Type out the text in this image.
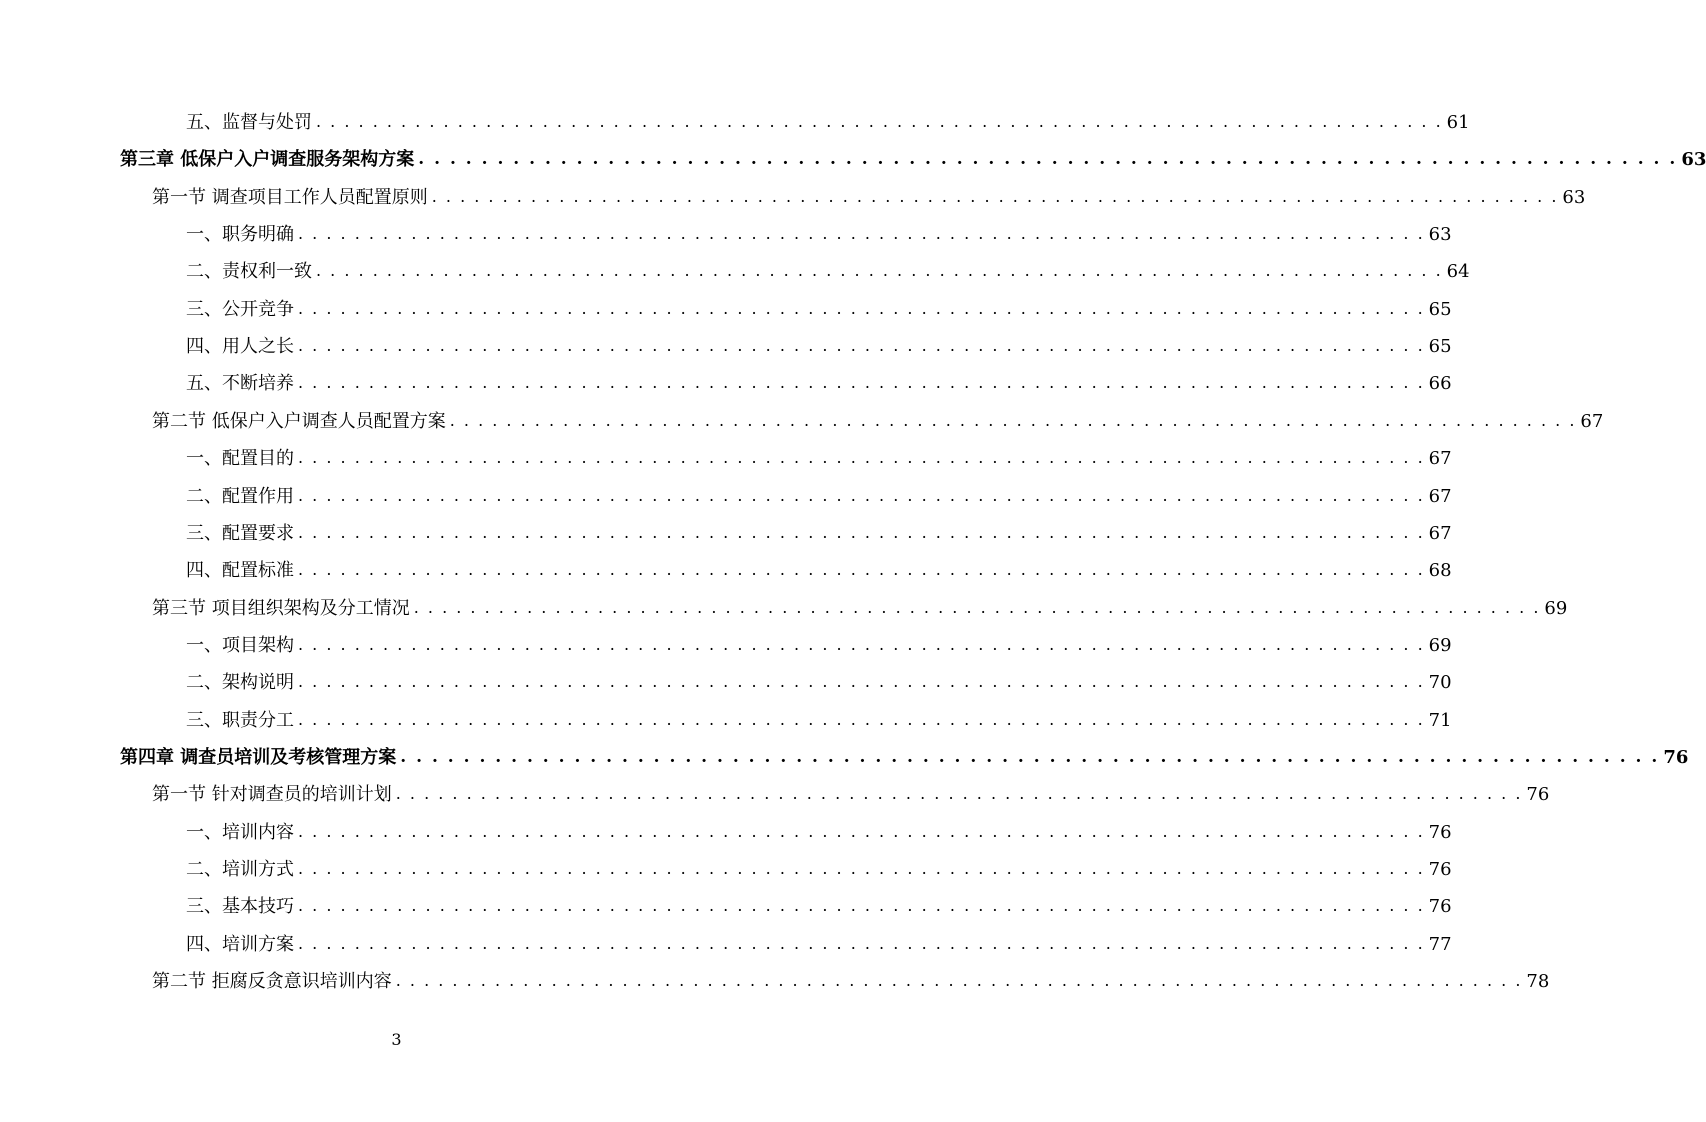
五、监督与处罚 . . . . . . . . . . . . . . . . . . . . . . . . . . . . . . . . . . . . . . . . . . . . . . . . . . . . . . . . . . . . . . . . . . . . . . . . . . . . . . . . 61
第三章 低保户入户调查服务架构方案 . . . . . . . . . . . . . . . . . . . . . . . . . . . . . . . . . . . . . . . . . . . . . . . . . . . . . . . . . . . . . . . . . . . . . . . . . . . . . . . . 63
第一节 调查项目工作人员配置原则 . . . . . . . . . . . . . . . . . . . . . . . . . . . . . . . . . . . . . . . . . . . . . . . . . . . . . . . . . . . . . . . . . . . . . . . . . . . . . . . . 63
一、职务明确 . . . . . . . . . . . . . . . . . . . . . . . . . . . . . . . . . . . . . . . . . . . . . . . . . . . . . . . . . . . . . . . . . . . . . . . . . . . . . . . . 63
二、责权利一致 . . . . . . . . . . . . . . . . . . . . . . . . . . . . . . . . . . . . . . . . . . . . . . . . . . . . . . . . . . . . . . . . . . . . . . . . . . . . . . . . 64
三、公开竞争 . . . . . . . . . . . . . . . . . . . . . . . . . . . . . . . . . . . . . . . . . . . . . . . . . . . . . . . . . . . . . . . . . . . . . . . . . . . . . . . . 65
四、用人之长 . . . . . . . . . . . . . . . . . . . . . . . . . . . . . . . . . . . . . . . . . . . . . . . . . . . . . . . . . . . . . . . . . . . . . . . . . . . . . . . . 65
五、不断培养 . . . . . . . . . . . . . . . . . . . . . . . . . . . . . . . . . . . . . . . . . . . . . . . . . . . . . . . . . . . . . . . . . . . . . . . . . . . . . . . . 66
第二节 低保户入户调查人员配置方案 . . . . . . . . . . . . . . . . . . . . . . . . . . . . . . . . . . . . . . . . . . . . . . . . . . . . . . . . . . . . . . . . . . . . . . . . . . . . . . . . 67
一、配置目的 . . . . . . . . . . . . . . . . . . . . . . . . . . . . . . . . . . . . . . . . . . . . . . . . . . . . . . . . . . . . . . . . . . . . . . . . . . . . . . . . 67
二、配置作用 . . . . . . . . . . . . . . . . . . . . . . . . . . . . . . . . . . . . . . . . . . . . . . . . . . . . . . . . . . . . . . . . . . . . . . . . . . . . . . . . 67
三、配置要求 . . . . . . . . . . . . . . . . . . . . . . . . . . . . . . . . . . . . . . . . . . . . . . . . . . . . . . . . . . . . . . . . . . . . . . . . . . . . . . . . 67
四、配置标准 . . . . . . . . . . . . . . . . . . . . . . . . . . . . . . . . . . . . . . . . . . . . . . . . . . . . . . . . . . . . . . . . . . . . . . . . . . . . . . . . 68
第三节 项目组织架构及分工情况 . . . . . . . . . . . . . . . . . . . . . . . . . . . . . . . . . . . . . . . . . . . . . . . . . . . . . . . . . . . . . . . . . . . . . . . . . . . . . . . . 69
一、项目架构 . . . . . . . . . . . . . . . . . . . . . . . . . . . . . . . . . . . . . . . . . . . . . . . . . . . . . . . . . . . . . . . . . . . . . . . . . . . . . . . . 69
二、架构说明 . . . . . . . . . . . . . . . . . . . . . . . . . . . . . . . . . . . . . . . . . . . . . . . . . . . . . . . . . . . . . . . . . . . . . . . . . . . . . . . . 70
三、职责分工 . . . . . . . . . . . . . . . . . . . . . . . . . . . . . . . . . . . . . . . . . . . . . . . . . . . . . . . . . . . . . . . . . . . . . . . . . . . . . . . . 71
第四章 调查员培训及考核管理方案 . . . . . . . . . . . . . . . . . . . . . . . . . . . . . . . . . . . . . . . . . . . . . . . . . . . . . . . . . . . . . . . . . . . . . . . . . . . . . . . . 76
第一节 针对调查员的培训计划 . . . . . . . . . . . . . . . . . . . . . . . . . . . . . . . . . . . . . . . . . . . . . . . . . . . . . . . . . . . . . . . . . . . . . . . . . . . . . . . . 76
一、培训内容 . . . . . . . . . . . . . . . . . . . . . . . . . . . . . . . . . . . . . . . . . . . . . . . . . . . . . . . . . . . . . . . . . . . . . . . . . . . . . . . . 76
二、培训方式 . . . . . . . . . . . . . . . . . . . . . . . . . . . . . . . . . . . . . . . . . . . . . . . . . . . . . . . . . . . . . . . . . . . . . . . . . . . . . . . . 76
三、基本技巧 . . . . . . . . . . . . . . . . . . . . . . . . . . . . . . . . . . . . . . . . . . . . . . . . . . . . . . . . . . . . . . . . . . . . . . . . . . . . . . . . 76
四、培训方案 . . . . . . . . . . . . . . . . . . . . . . . . . . . . . . . . . . . . . . . . . . . . . . . . . . . . . . . . . . . . . . . . . . . . . . . . . . . . . . . . 77
第二节 拒腐反贪意识培训内容 . . . . . . . . . . . . . . . . . . . . . . . . . . . . . . . . . . . . . . . . . . . . . . . . . . . . . . . . . . . . . . . . . . . . . . . . . . . . . . . . 78
3
